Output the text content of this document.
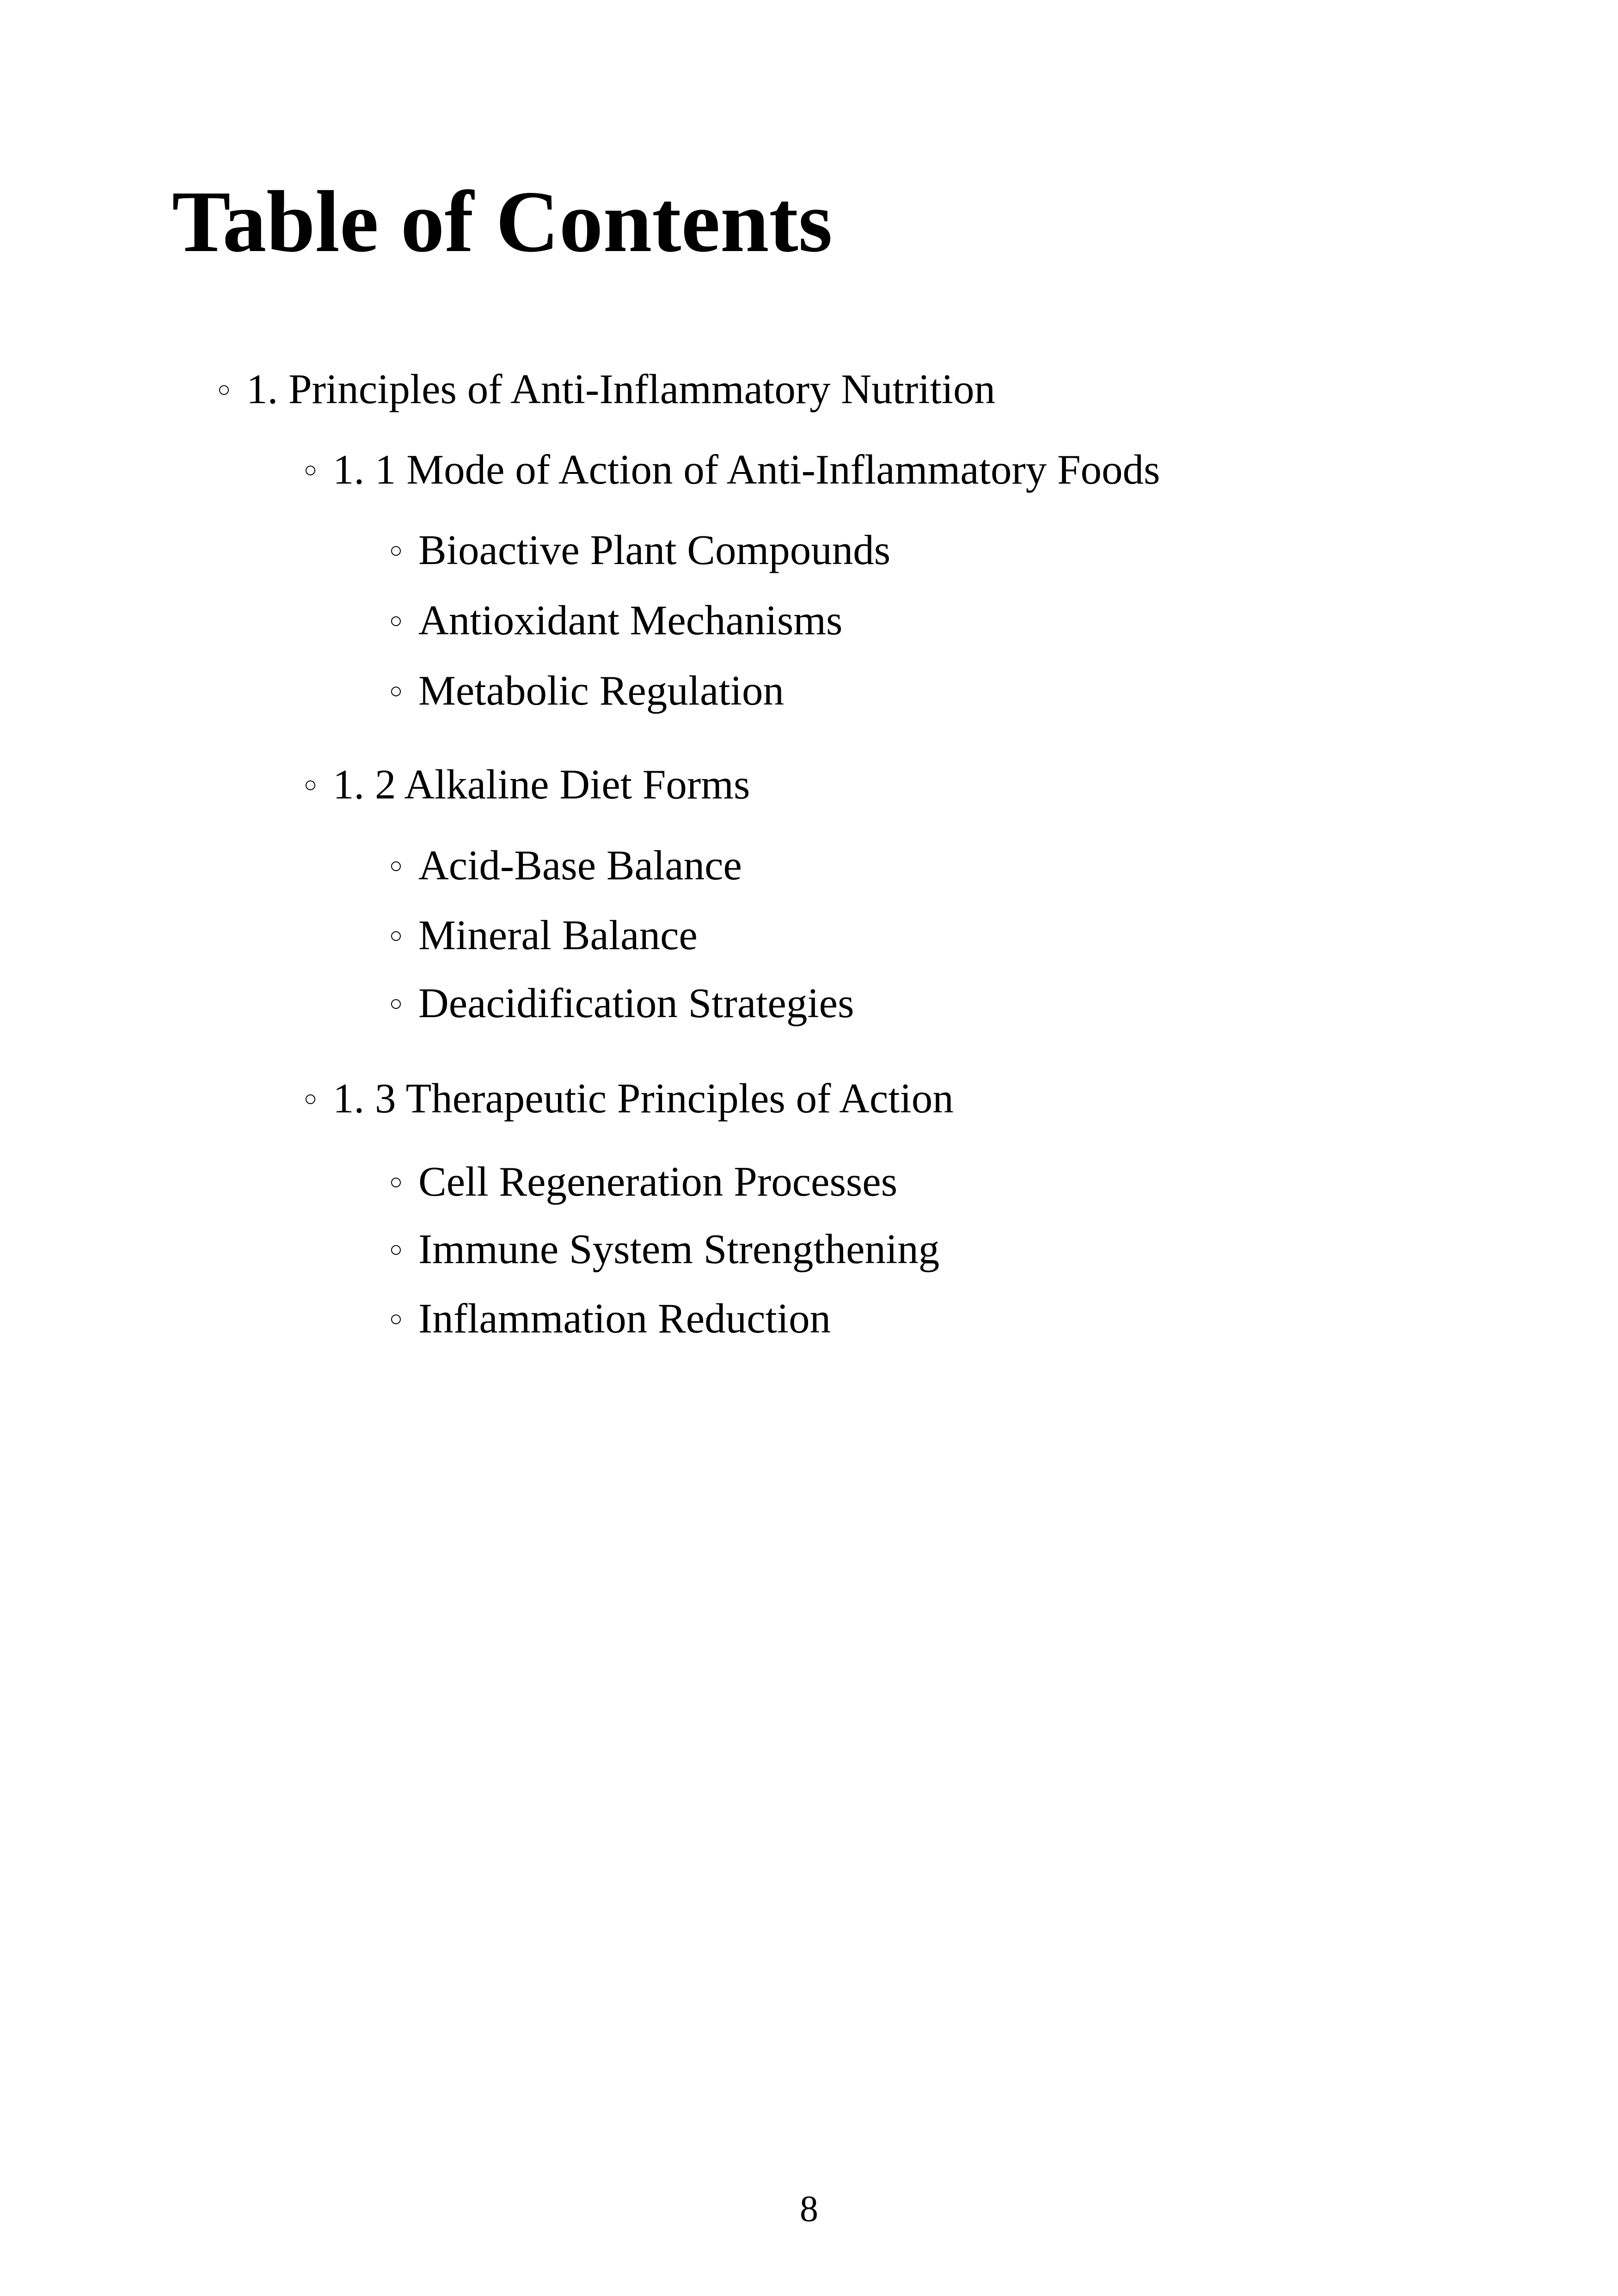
Table of Contents
○ 1. Principles of Anti-Inflammatory Nutrition
○ 1. 1 Mode of Action of Anti-Inflammatory Foods
○ Bioactive Plant Compounds
○ Antioxidant Mechanisms
○ Metabolic Regulation
○ 1. 2 Alkaline Diet Forms
○ Acid-Base Balance
○ Mineral Balance
○ Deacidification Strategies
○ 1. 3 Therapeutic Principles of Action
○ Cell Regeneration Processes
○ Immune System Strengthening
○ Inflammation Reduction
8
